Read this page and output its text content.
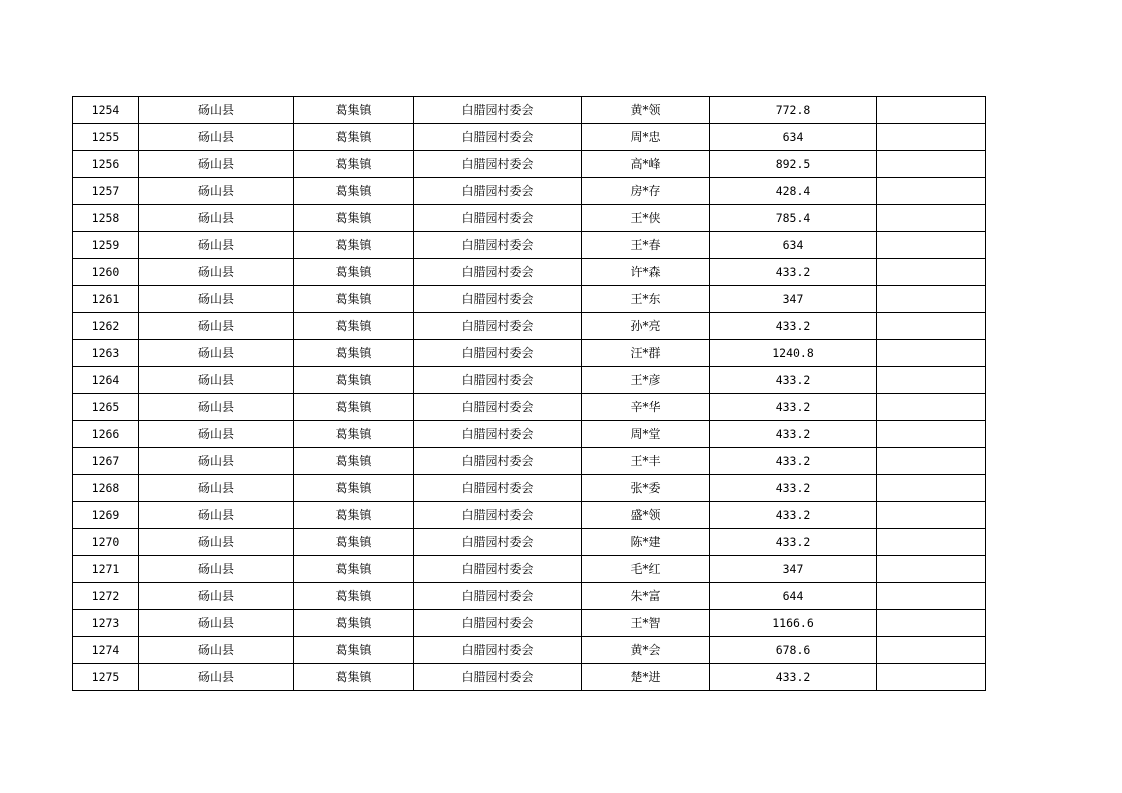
1254	砀山县	葛集镇	白腊园村委会	黄*领	772.8	
1255	砀山县	葛集镇	白腊园村委会	周*忠	634	
1256	砀山县	葛集镇	白腊园村委会	高*峰	892.5	
1257	砀山县	葛集镇	白腊园村委会	房*存	428.4	
1258	砀山县	葛集镇	白腊园村委会	王*侠	785.4	
1259	砀山县	葛集镇	白腊园村委会	王*春	634	
1260	砀山县	葛集镇	白腊园村委会	许*森	433.2	
1261	砀山县	葛集镇	白腊园村委会	王*东	347	
1262	砀山县	葛集镇	白腊园村委会	孙*亮	433.2	
1263	砀山县	葛集镇	白腊园村委会	汪*群	1240.8	
1264	砀山县	葛集镇	白腊园村委会	王*彦	433.2	
1265	砀山县	葛集镇	白腊园村委会	辛*华	433.2	
1266	砀山县	葛集镇	白腊园村委会	周*堂	433.2	
1267	砀山县	葛集镇	白腊园村委会	王*丰	433.2	
1268	砀山县	葛集镇	白腊园村委会	张*委	433.2	
1269	砀山县	葛集镇	白腊园村委会	盛*领	433.2	
1270	砀山县	葛集镇	白腊园村委会	陈*建	433.2	
1271	砀山县	葛集镇	白腊园村委会	毛*红	347	
1272	砀山县	葛集镇	白腊园村委会	朱*富	644	
1273	砀山县	葛集镇	白腊园村委会	王*智	1166.6	
1274	砀山县	葛集镇	白腊园村委会	黄*会	678.6	
1275	砀山县	葛集镇	白腊园村委会	楚*进	433.2	
